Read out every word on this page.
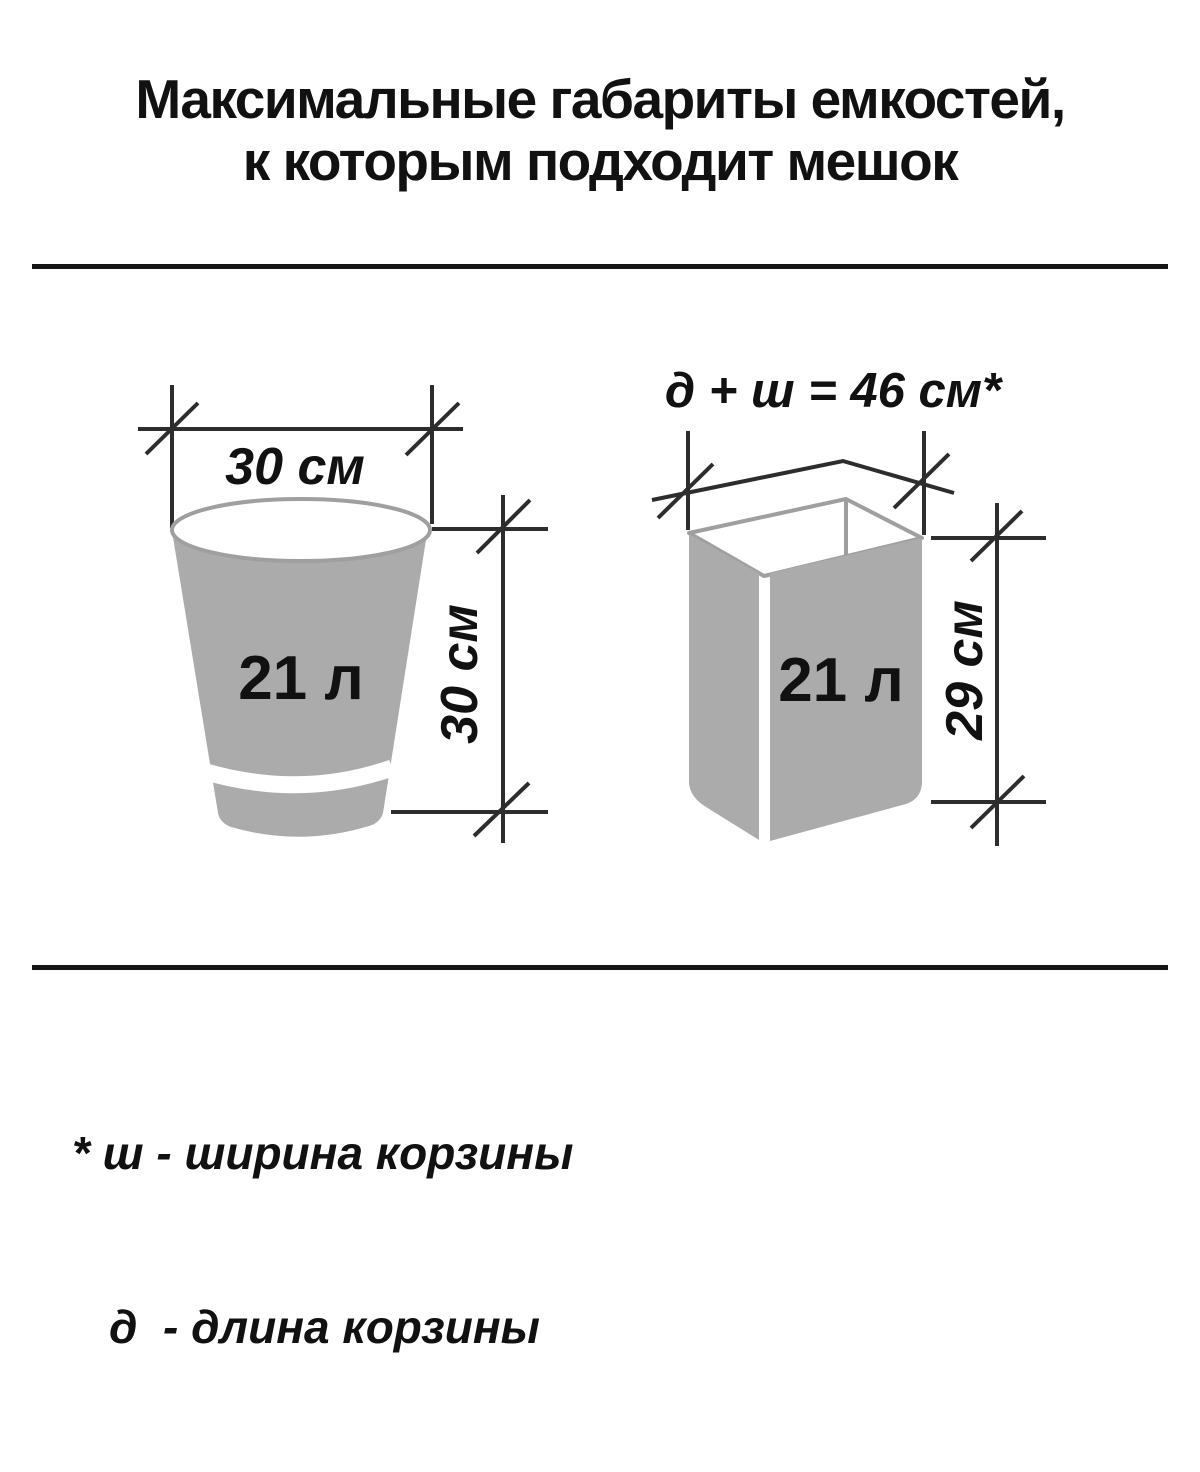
Максимальные габариты емкостей,
к которым подходит мешок
30 см
21 л 30 см
д + ш = 46 см*
21 л 29 см

* ш - ширина корзины

д  - длина корзины
